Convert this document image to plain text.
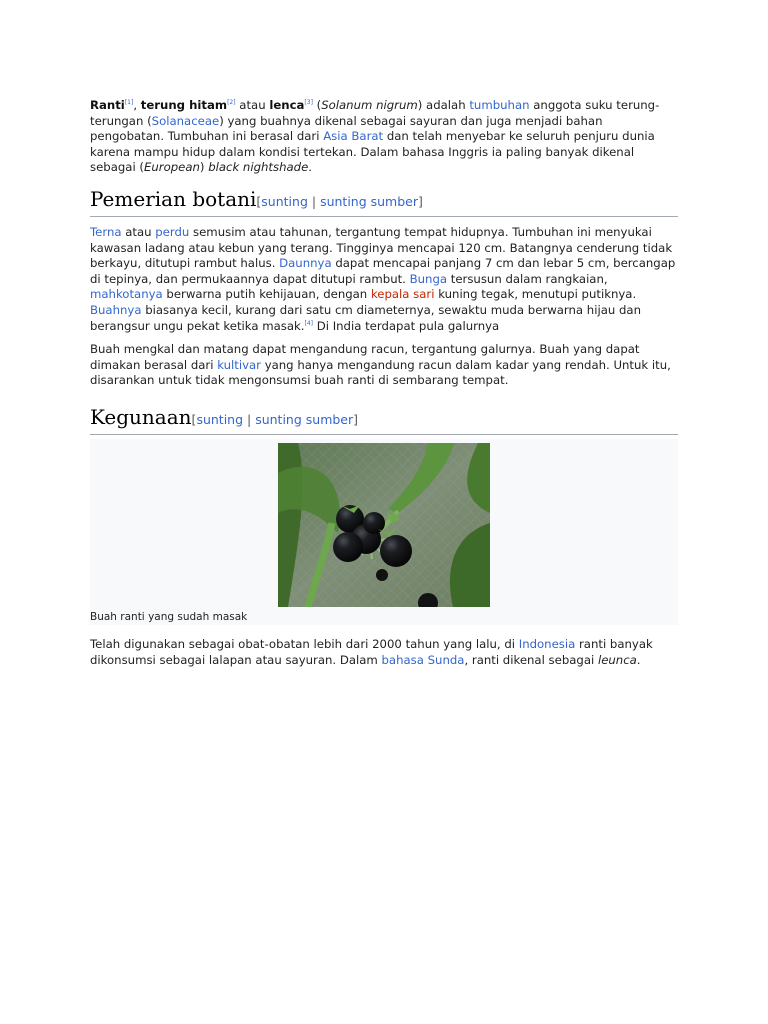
Ranti[1], terung hitam[2] atau lenca[3] (Solanum nigrum) adalah tumbuhan anggota suku terung-terungan (Solanaceae) yang buahnya dikenal sebagai sayuran dan juga menjadi bahan pengobatan. Tumbuhan ini berasal dari Asia Barat dan telah menyebar ke seluruh penjuru dunia karena mampu hidup dalam kondisi tertekan. Dalam bahasa Inggris ia paling banyak dikenal sebagai (European) black nightshade.

Pemerian botani[sunting | sunting sumber]

Terna atau perdu semusim atau tahunan, tergantung tempat hidupnya. Tumbuhan ini menyukai kawasan ladang atau kebun yang terang. Tingginya mencapai 120 cm. Batangnya cenderung tidak berkayu, ditutupi rambut halus. Daunnya dapat mencapai panjang 7 cm dan lebar 5 cm, bercangap di tepinya, dan permukaannya dapat ditutupi rambut. Bunga tersusun dalam rangkaian, mahkotanya berwarna putih kehijauan, dengan kepala sari kuning tegak, menutupi putiknya. Buahnya biasanya kecil, kurang dari satu cm diameternya, sewaktu muda berwarna hijau dan berangsur ungu pekat ketika masak.[4] Di India terdapat pula galurnya

Buah mengkal dan matang dapat mengandung racun, tergantung galurnya. Buah yang dapat dimakan berasal dari kultivar yang hanya mengandung racun dalam kadar yang rendah. Untuk itu, disarankan untuk tidak mengonsumsi buah ranti di sembarang tempat.

Kegunaan[sunting | sunting sumber]
Buah ranti yang sudah masak

Telah digunakan sebagai obat-obatan lebih dari 2000 tahun yang lalu, di Indonesia ranti banyak dikonsumsi sebagai lalapan atau sayuran. Dalam bahasa Sunda, ranti dikenal sebagai leunca.
